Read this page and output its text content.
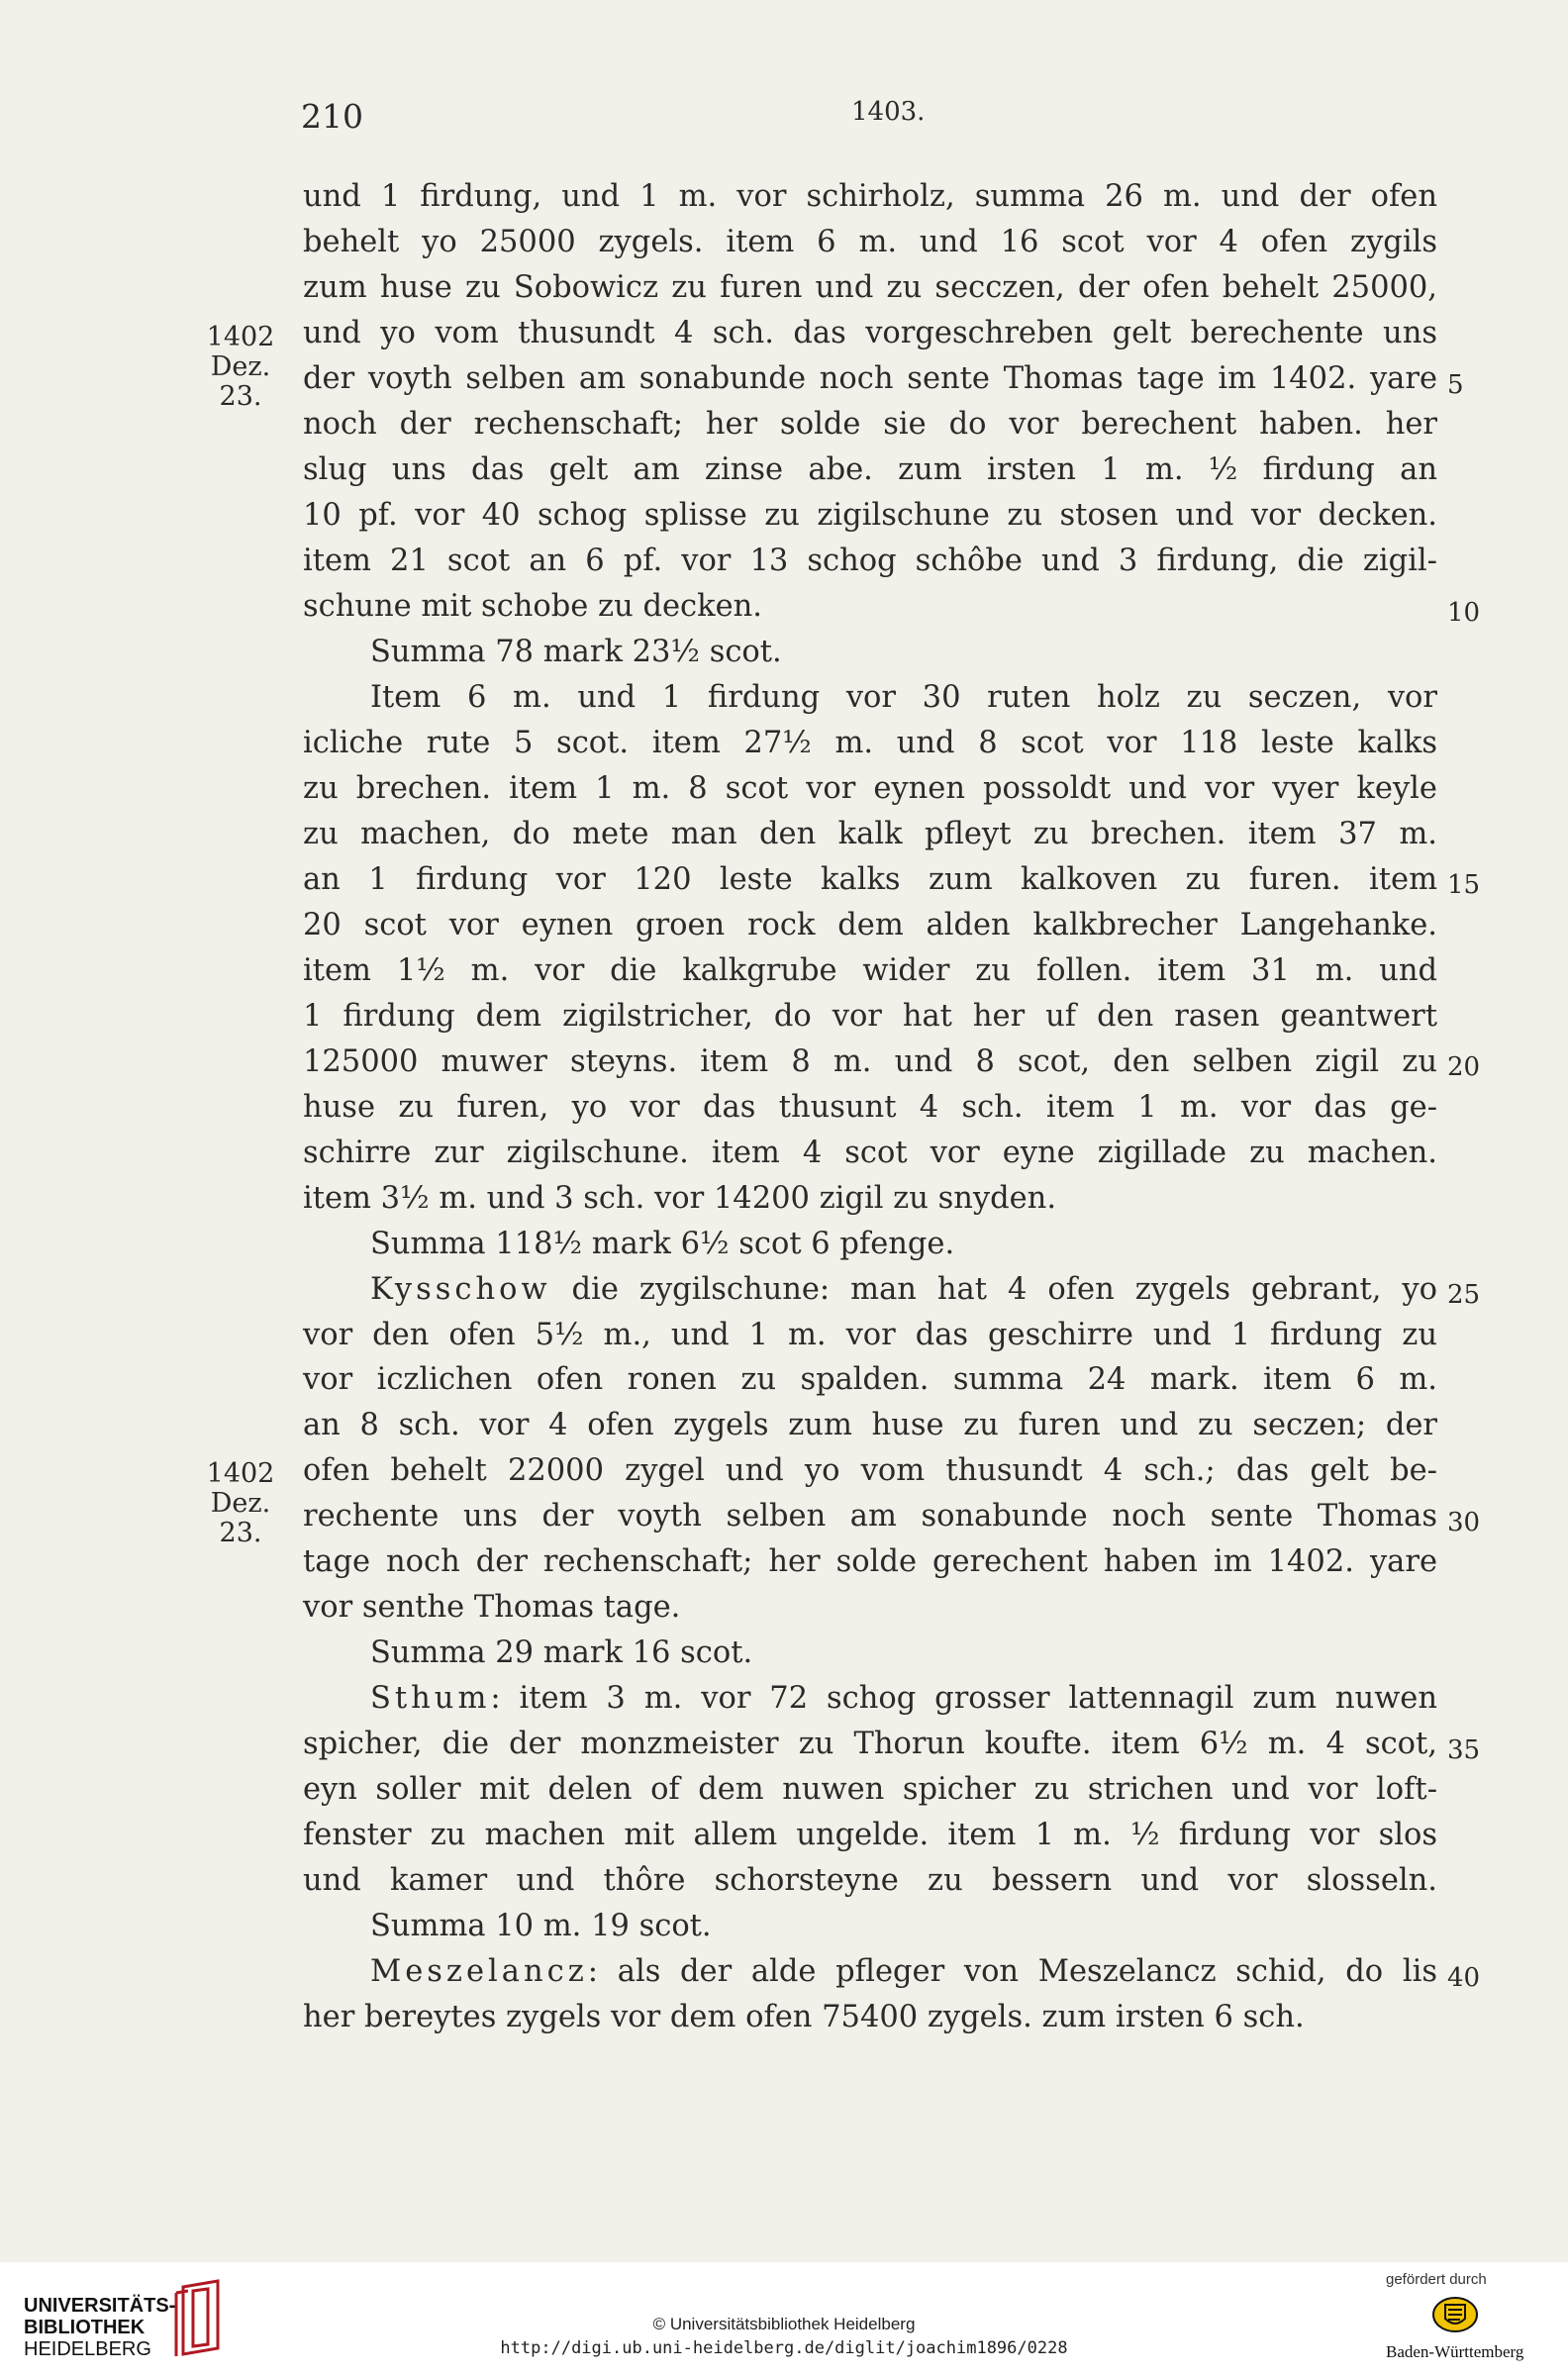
210	1403.
1402
Dez. 23.
1402
Dez. 23.
und 1 firdung, und 1 m. vor schirholz, summa 26 m. und der ofen
behelt yo 25000 zygels. item 6 m. und 16 scot vor 4 ofen zygils
zum huse zu Sobowicz zu furen und zu secczen, der ofen behelt 25000,
und yo vom thusundt 4 sch. das vorgeschreben gelt berechente uns
der voyth selben am sonabunde noch sente Thomas tage im 1402. yare
noch der rechenschaft; her solde sie do vor berechent haben. her
slug uns das gelt am zinse abe. zum irsten 1 m. ½ firdung an
10 pf. vor 40 schog splisse zu zigilschune zu stosen und vor decken.
item 21 scot an 6 pf. vor 13 schog schôbe und 3 firdung, die zigil-
schune mit schobe zu decken.
Summa 78 mark 23½ scot.
Item 6 m. und 1 firdung vor 30 ruten holz zu seczen, vor
icliche rute 5 scot. item 27½ m. und 8 scot vor 118 leste kalks
zu brechen. item 1 m. 8 scot vor eynen possoldt und vor vyer keyle
zu machen, do mete man den kalk pfleyt zu brechen. item 37 m.
an 1 firdung vor 120 leste kalks zum kalkoven zu furen. item
20 scot vor eynen groen rock dem alden kalkbrecher Langehanke.
item 1½ m. vor die kalkgrube wider zu follen. item 31 m. und
1 firdung dem zigilstricher, do vor hat her uf den rasen geantwert
125000 muwer steyns. item 8 m. und 8 scot, den selben zigil zu
huse zu furen, yo vor das thusunt 4 sch. item 1 m. vor das ge-
schirre zur zigilschune. item 4 scot vor eyne zigillade zu machen.
item 3½ m. und 3 sch. vor 14200 zigil zu snyden.
Summa 118½ mark 6½ scot 6 pfenge.
Kysschow die zygilschune: man hat 4 ofen zygels gebrant, yo
vor den ofen 5½ m., und 1 m. vor das geschirre und 1 firdung zu
vor iczlichen ofen ronen zu spalden. summa 24 mark. item 6 m.
an 8 sch. vor 4 ofen zygels zum huse zu furen und zu seczen; der
ofen behelt 22000 zygel und yo vom thusundt 4 sch.; das gelt be-
rechente uns der voyth selben am sonabunde noch sente Thomas
tage noch der rechenschaft; her solde gerechent haben im 1402. yare
vor senthe Thomas tage.
Summa 29 mark 16 scot.
Sthum: item 3 m. vor 72 schog grosser lattennagil zum nuwen
spicher, die der monzmeister zu Thorun koufte. item 6½ m. 4 scot,
eyn soller mit delen of dem nuwen spicher zu strichen und vor loft-
fenster zu machen mit allem ungelde. item 1 m. ½ firdung vor slos
und kamer und thôre schorsteyne zu bessern und vor slosseln.
Summa 10 m. 19 scot.
Meszelancz: als der alde pfleger von Meszelancz schid, do lis
her bereytes zygels vor dem ofen 75400 zygels. zum irsten 6 sch.
5
10
15
20
25
30
35
40
UNIVERSITÄTS-
BIBLIOTHEK
HEIDELBERG
© Universitätsbibliothek Heidelberg
http://digi.ub.uni-heidelberg.de/diglit/joachim1896/0228
gefördert durch
Baden-Württemberg
